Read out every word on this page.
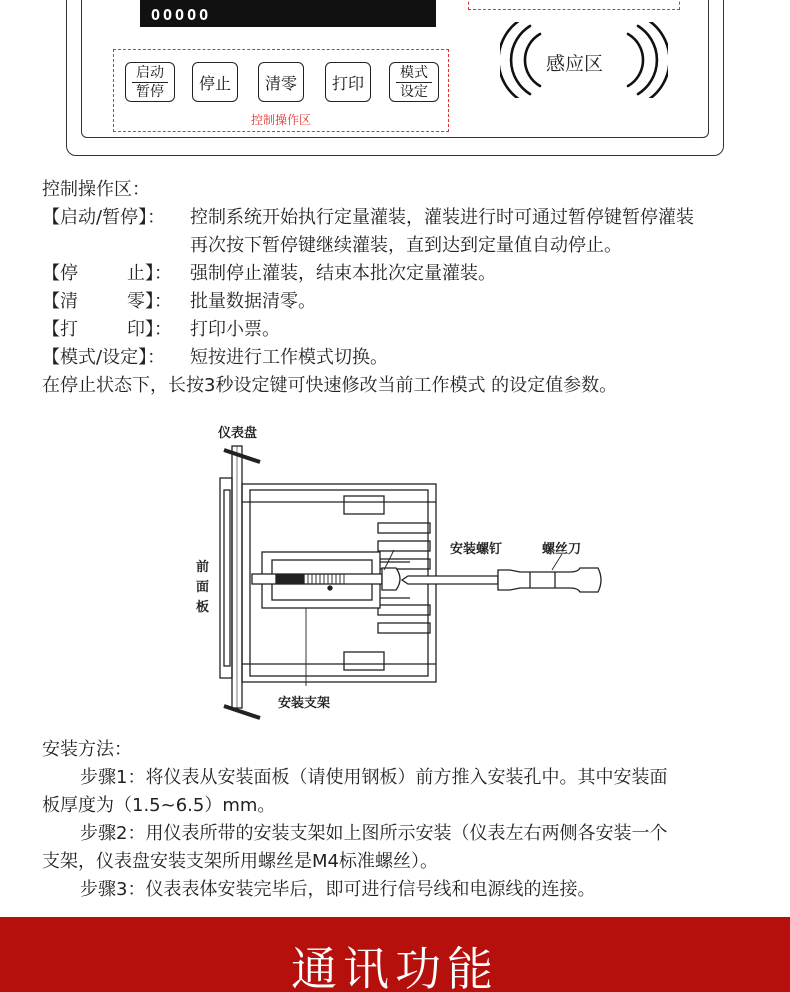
OOOOO
控制操作区
启动
暂停 停止 清零 打印
模式
设定
感应区
控制操作区：
【启动/暂停】： 控制系统开始执行定量灌装，灌装进行时可通过暂停键暂停灌装
再次按下暂停键继续灌装，直到达到定量值自动停止。
【停	止】： 强制停止灌装，结束本批次定量灌装。
【清	零】： 批量数据清零。
【打	印】： 打印小票。
【模式/设定】： 短按进行工作模式切换。
在停止状态下，长按3秒设定键可快速修改当前工作模式 的设定值参数。
仪表盘
前
面
板
安装螺钉	螺丝刀
安装支架
安装方法：
步骤1：将仪表从安装面板（请使用钢板）前方推入安装孔中。其中安装面
板厚度为（1.5~6.5）mm。
步骤2：用仪表所带的安装支架如上图所示安装（仪表左右两侧各安装一个
支架，仪表盘安装支架所用螺丝是M4标准螺丝）。
步骤3：仪表表体安装完毕后，即可进行信号线和电源线的连接。
通讯功能
